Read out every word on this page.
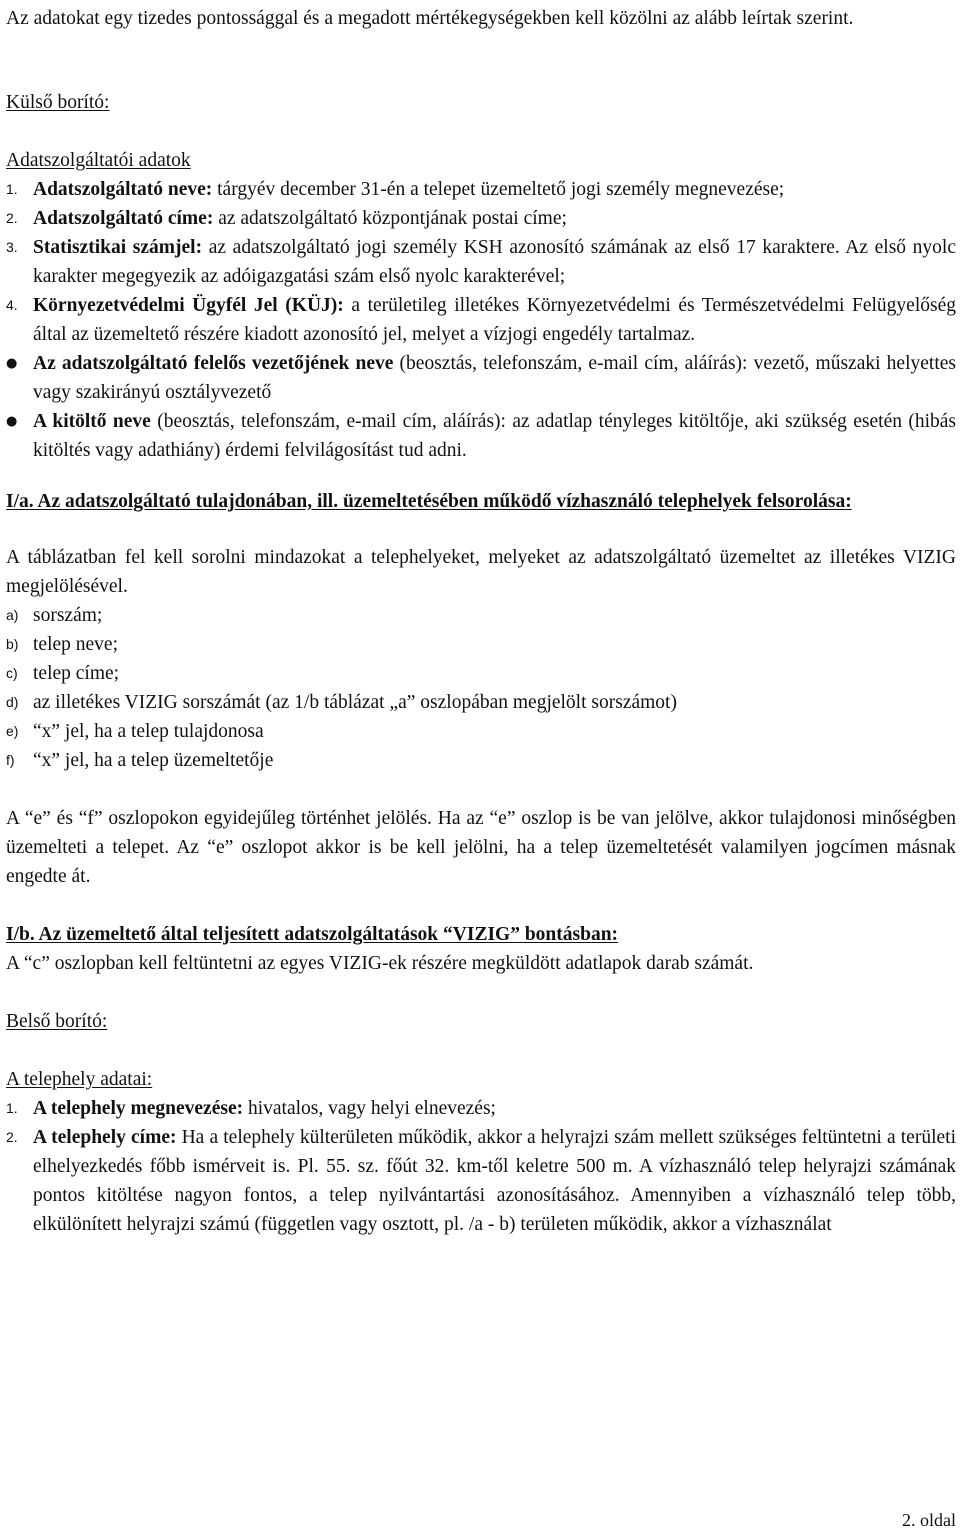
Az adatokat egy tizedes pontossággal és a megadott mértékegységekben kell közölni az alább leírtak szerint.

Külső borító:

Adatszolgáltatói adatok

1. Adatszolgáltató neve: tárgyév december 31-én a telepet üzemeltető jogi személy megnevezése;
2. Adatszolgáltató címe: az adatszolgáltató központjának postai címe;
3. Statisztikai számjel: az adatszolgáltató jogi személy KSH azonosító számának az első 17 karaktere. Az első nyolc karakter megegyezik az adóigazgatási szám első nyolc karakterével;
4. Környezetvédelmi Ügyfél Jel (KÜJ): a területileg illetékes Környezetvédelmi és Természetvédelmi Felügyelőség által az üzemeltető részére kiadott azonosító jel, melyet a vízjogi engedély tartalmaz.
● Az adatszolgáltató felelős vezetőjének neve (beosztás, telefonszám, e-mail cím, aláírás): vezető, műszaki helyettes vagy szakirányú osztályvezető
● A kitöltő neve (beosztás, telefonszám, e-mail cím, aláírás): az adatlap tényleges kitöltője, aki szükség esetén (hibás kitöltés vagy adathiány) érdemi felvilágosítást tud adni.

I/a. Az adatszolgáltató tulajdonában, ill. üzemeltetésében működő vízhasználó telephelyek felsorolása:

A táblázatban fel kell sorolni mindazokat a telephelyeket, melyeket az adatszolgáltató üzemeltet az illetékes VIZIG megjelölésével.

a) sorszám;
b) telep neve;
c) telep címe;
d) az illetékes VIZIG sorszámát (az 1/b táblázat „a” oszlopában megjelölt sorszámot)
e) “x” jel, ha a telep tulajdonosa
f) “x” jel, ha a telep üzemeltetője

A “e” és “f” oszlopokon egyidejűleg történhet jelölés. Ha az “e” oszlop is be van jelölve, akkor tulajdonosi minőségben üzemelteti a telepet. Az “e” oszlopot akkor is be kell jelölni, ha a telep üzemeltetését valamilyen jogcímen másnak engedte át.

I/b. Az üzemeltető által teljesített adatszolgáltatások “VIZIG” bontásban:

A “c” oszlopban kell feltüntetni az egyes VIZIG-ek részére megküldött adatlapok darab számát.

Belső borító:

A telephely adatai:

1. A telephely megnevezése: hivatalos, vagy helyi elnevezés;
2. A telephely címe: Ha a telephely külterületen működik, akkor a helyrajzi szám mellett szükséges feltüntetni a területi elhelyezkedés főbb ismérveit is. Pl. 55. sz. főút 32. km-től keletre 500 m. A vízhasználó telep helyrajzi számának pontos kitöltése nagyon fontos, a telep nyilvántartási azonosításához. Amennyiben a vízhasználó telep több, elkülönített helyrajzi számú (független vagy osztott, pl. /a - b) területen működik, akkor a vízhasználat
2. oldal
